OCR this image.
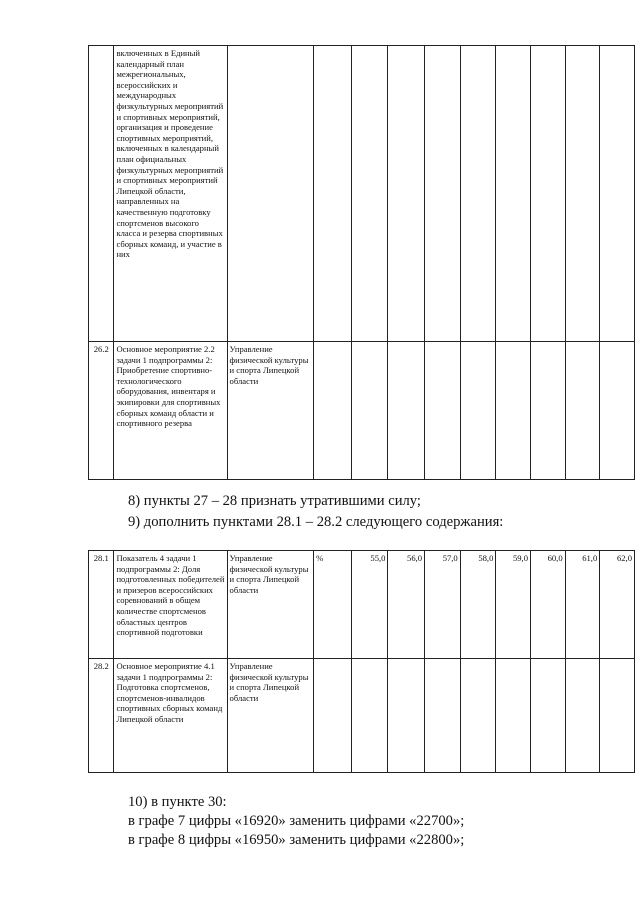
	включенных в Единый календарный план межрегиональных, всероссийских и международных физкультурных мероприятий и спортивных мероприятий, организация и проведение спортивных мероприятий, включенных в календарный план официальных физкультурных мероприятий и спортивных мероприятий Липецкой области, направленных на качественную подготовку спортсменов высокого класса и резерва спортивных сборных команд, и участие в них										
26.2	Основное мероприятие 2.2 задачи 1 подпрограммы 2: Приобретение спортивно-технологического оборудования, инвентаря и экипировки для спортивных сборных команд области и спортивного резерва	Управление физической культуры и спорта Липецкой области									
8) пункты 27 – 28 признать утратившими силу;
9) дополнить пунктами 28.1 – 28.2 следующего содержания:
28.1	Показатель 4 задачи 1 подпрограммы 2: Доля подготовленных победителей и призеров всероссийских соревнований в общем количестве спортсменов областных центров спортивной подготовки	Управление физической культуры и спорта Липецкой области	%	55,0	56,0	57,0	58,0	59,0	60,0	61,0	62,0
28.2	Основное мероприятие 4.1 задачи 1 подпрограммы 2: Подготовка спортсменов, спортсменов-инвалидов спортивных сборных команд Липецкой области	Управление физической культуры и спорта Липецкой области									
10) в пункте 30:
в графе 7 цифры «16920» заменить цифрами «22700»;
в графе 8 цифры «16950» заменить цифрами «22800»;
